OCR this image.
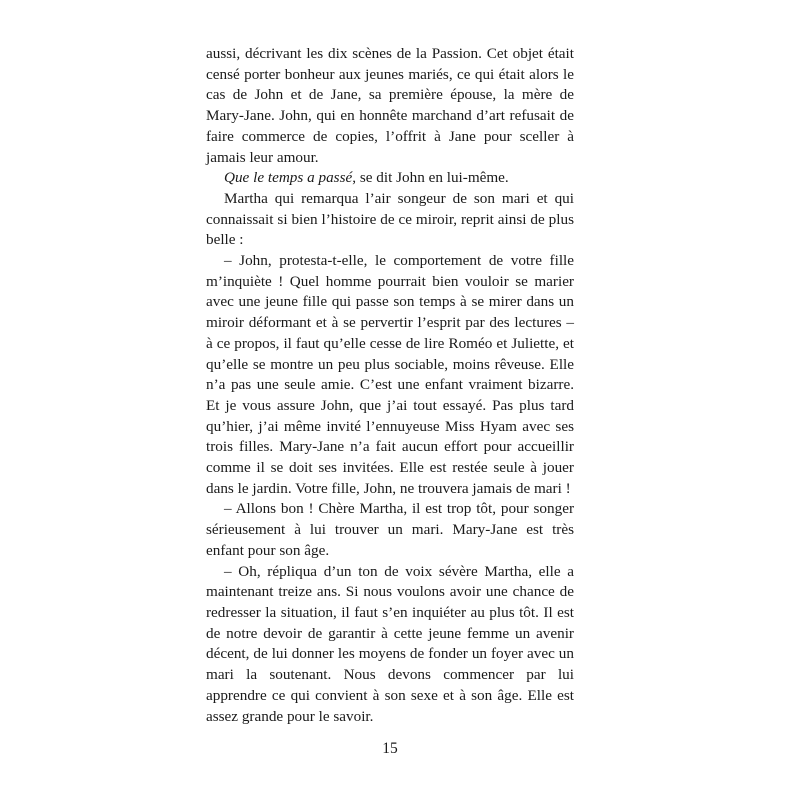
aussi, décrivant les dix scènes de la Passion. Cet objet était censé porter bonheur aux jeunes mariés, ce qui était alors le cas de John et de Jane, sa première épouse, la mère de Mary-Jane. John, qui en honnête marchand d’art refusait de faire commerce de copies, l’offrit à Jane pour sceller à jamais leur amour.

Que le temps a passé, se dit John en lui-même.

Martha qui remarqua l’air songeur de son mari et qui connaissait si bien l’histoire de ce miroir, reprit ainsi de plus belle :

– John, protesta-t-elle, le comportement de votre fille m’inquiète ! Quel homme pourrait bien vouloir se marier avec une jeune fille qui passe son temps à se mirer dans un miroir déformant et à se pervertir l’esprit par des lectures – à ce propos, il faut qu’elle cesse de lire Roméo et Juliette, et qu’elle se montre un peu plus sociable, moins rêveuse. Elle n’a pas une seule amie. C’est une enfant vraiment bizarre. Et je vous assure John, que j’ai tout essayé. Pas plus tard qu’hier, j’ai même invité l’ennuyeuse Miss Hyam avec ses trois filles. Mary-Jane n’a fait aucun effort pour accueillir comme il se doit ses invitées. Elle est restée seule à jouer dans le jardin. Votre fille, John, ne trouvera jamais de mari !

– Allons bon ! Chère Martha, il est trop tôt, pour songer sérieusement à lui trouver un mari. Mary-Jane est très enfant pour son âge.

– Oh, répliqua d’un ton de voix sévère Martha, elle a maintenant treize ans. Si nous voulons avoir une chance de redresser la situation, il faut s’en inquiéter au plus tôt. Il est de notre devoir de garantir à cette jeune femme un avenir décent, de lui donner les moyens de fonder un foyer avec un mari la soutenant. Nous devons commencer par lui apprendre ce qui convient à son sexe et à son âge. Elle est assez grande pour le savoir.

15
